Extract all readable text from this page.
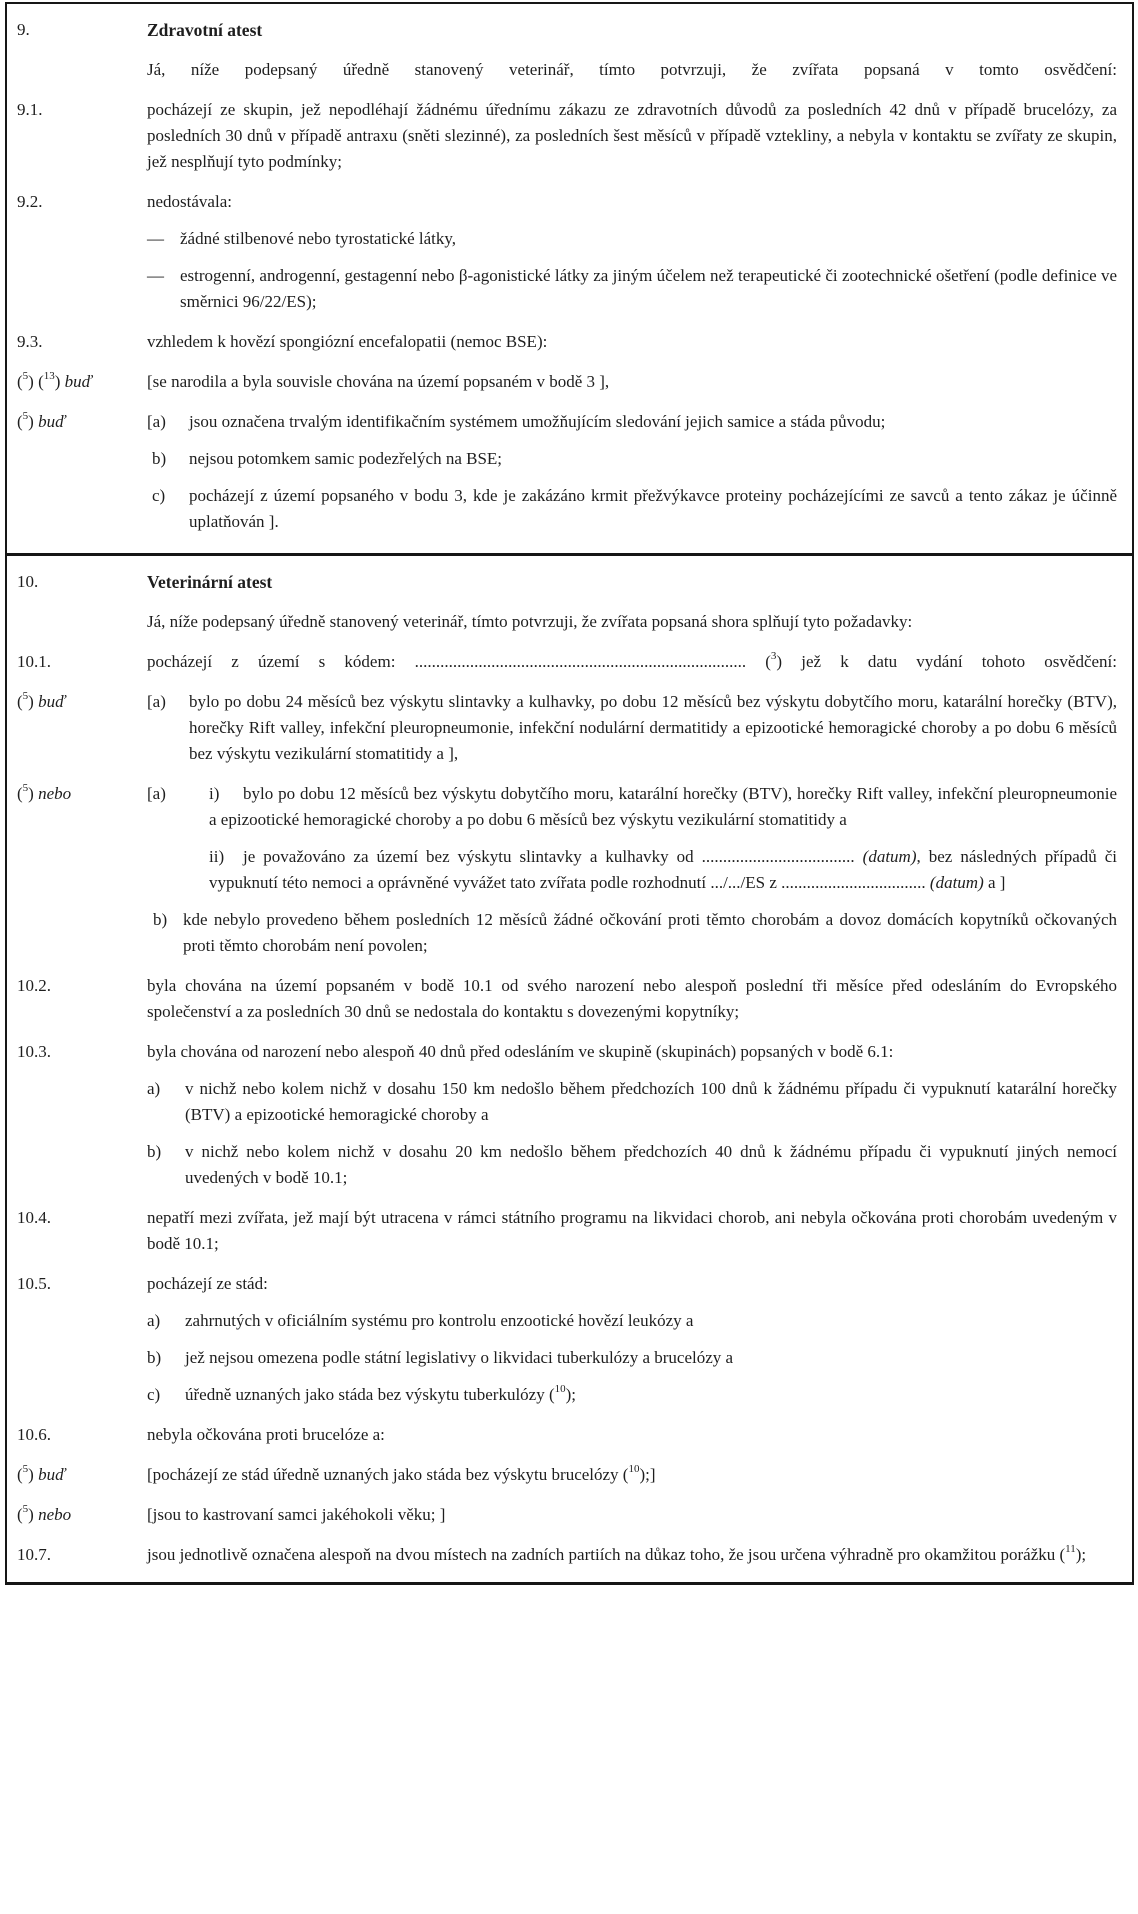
9.	Zdravotní atest

Já, níže podepsaný úředně stanovený veterinář, tímto potvrzuji, že zvířata popsaná v tomto osvědčení:

9.1.	pocházejí ze skupin, jež nepodléhají žádnému úřednímu zákazu ze zdravotních důvodů za posledních 42 dnů v případě brucelózy, za posledních 30 dnů v případě antraxu (sněti slezinné), za posledních šest měsíců v případě vztekliny, a nebyla v kontaktu se zvířaty ze skupin, jež nesplňují tyto podmínky;

9.2.	nedostávala:

— žádné stilbenové nebo tyrostatické látky,

— estrogenní, androgenní, gestagenní nebo β-agonistické látky za jiným účelem než terapeutické či zootechnické ošetření (podle definice ve směrnici 96/22/ES);

9.3.	vzhledem k hovězí spongiózní encefalopatii (nemoc BSE):

($^5$) ($^{13}$) buď	[se narodila a byla souvisle chována na území popsaném v bodě 3 ],

($^5$) buď	[a) jsou označena trvalým identifikačním systémem umožňujícím sledování jejich samice a stáda původu;

b) nejsou potomkem samic podezřelých na BSE;

c) pocházejí z území popsaného v bodu 3, kde je zakázáno krmit přežvýkavce proteiny pocházejícími ze savců a tento zákaz je účinně uplatňován ].

10.	Veterinární atest

Já, níže podepsaný úředně stanovený veterinář, tímto potvrzuji, že zvířata popsaná shora splňují tyto požadavky:

10.1.	pocházejí z území s kódem: .............................................................................. ($^3$) jež k datu vydání tohoto osvědčení:

($^5$) buď	[a) bylo po dobu 24 měsíců bez výskytu slintavky a kulhavky, po dobu 12 měsíců bez výskytu dobytčího moru, katarální horečky (BTV), horečky Rift valley, infekční pleuropneumonie, infekční nodulární dermatitidy a epizootické hemoragické choroby a po dobu 6 měsíců bez výskytu vezikulární stomatitidy a ],

($^5$) nebo	[a)	i) bylo po dobu 12 měsíců bez výskytu dobytčího moru, katarální horečky (BTV), horečky Rift valley, infekční pleuropneumonie a epizootické hemoragické choroby a po dobu 6 měsíců bez výskytu vezikulární stomatitidy a

ii) je považováno za území bez výskytu slintavky a kulhavky od .................................... (datum), bez následných případů či vypuknutí této nemoci a oprávněné vyvážet tato zvířata podle rozhodnutí .../.../ES z .................................. (datum) a ]

b) kde nebylo provedeno během posledních 12 měsíců žádné očkování proti těmto chorobám a dovoz domácích kopytníků očkovaných proti těmto chorobám není povolen;

10.2.	byla chována na území popsaném v bodě 10.1 od svého narození nebo alespoň poslední tři měsíce před odesláním do Evropského společenství a za posledních 30 dnů se nedostala do kontaktu s dovezenými kopytníky;

10.3.	byla chována od narození nebo alespoň 40 dnů před odesláním ve skupině (skupinách) popsaných v bodě 6.1:

a) v nichž nebo kolem nichž v dosahu 150 km nedošlo během předchozích 100 dnů k žádnému případu či vypuknutí katarální horečky (BTV) a epizootické hemoragické choroby a

b) v nichž nebo kolem nichž v dosahu 20 km nedošlo během předchozích 40 dnů k žádnému případu či vypuknutí jiných nemocí uvedených v bodě 10.1;

10.4.	nepatří mezi zvířata, jež mají být utracena v rámci státního programu na likvidaci chorob, ani nebyla očkována proti chorobám uvedeným v bodě 10.1;

10.5.	pocházejí ze stád:

a) zahrnutých v oficiálním systému pro kontrolu enzootické hovězí leukózy a

b) jež nejsou omezena podle státní legislativy o likvidaci tuberkulózy a brucelózy a

c) úředně uznaných jako stáda bez výskytu tuberkulózy ($^{10}$);

10.6.	nebyla očkována proti brucelóze a:

($^5$) buď	[pocházejí ze stád úředně uznaných jako stáda bez výskytu brucelózy ($^{10}$);]

($^5$) nebo	[jsou to kastrovaní samci jakéhokoli věku; ]

10.7.	jsou jednotlivě označena alespoň na dvou místech na zadních partiích na důkaz toho, že jsou určena výhradně pro okamžitou porážku ($^{11}$);
